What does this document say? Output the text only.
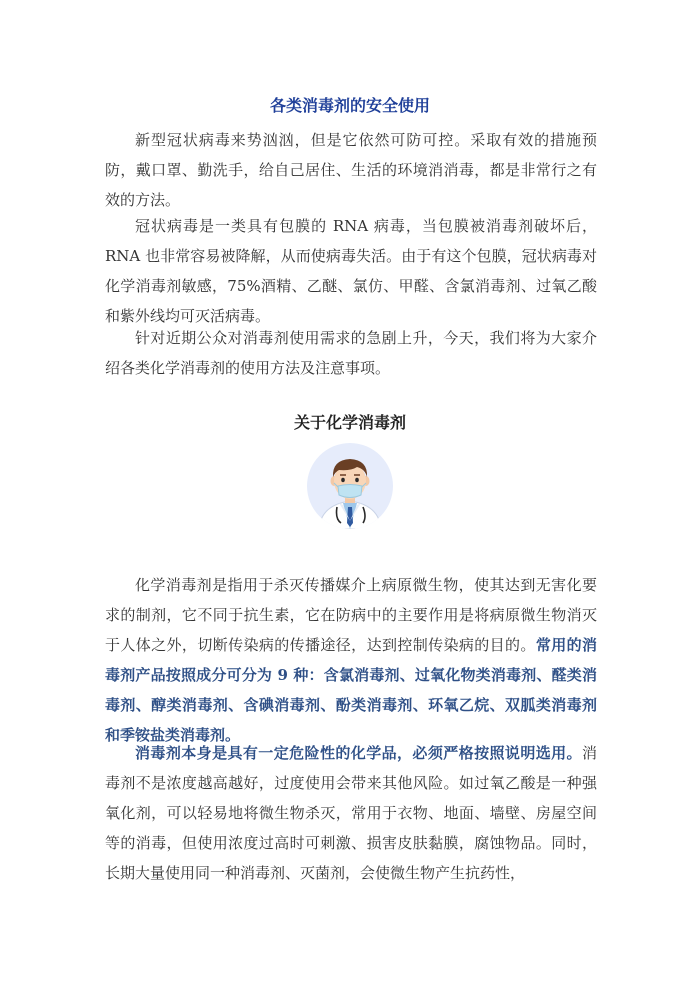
各类消毒剂的安全使用

新型冠状病毒来势汹汹，但是它依然可防可控。采取有效的措施预防，戴口罩、勤洗手，给自己居住、生活的环境消消毒，都是非常行之有效的方法。

冠状病毒是一类具有包膜的 RNA 病毒，当包膜被消毒剂破坏后，RNA 也非常容易被降解，从而使病毒失活。由于有这个包膜，冠状病毒对化学消毒剂敏感，75%酒精、乙醚、氯仿、甲醛、含氯消毒剂、过氧乙酸和紫外线均可灭活病毒。

针对近期公众对消毒剂使用需求的急剧上升，今天，我们将为大家介绍各类化学消毒剂的使用方法及注意事项。

关于化学消毒剂

化学消毒剂是指用于杀灭传播媒介上病原微生物，使其达到无害化要求的制剂，它不同于抗生素，它在防病中的主要作用是将病原微生物消灭于人体之外，切断传染病的传播途径，达到控制传染病的目的。常用的消毒剂产品按照成分可分为 9 种：含氯消毒剂、过氧化物类消毒剂、醛类消毒剂、醇类消毒剂、含碘消毒剂、酚类消毒剂、环氧乙烷、双胍类消毒剂和季铵盐类消毒剂。

消毒剂本身是具有一定危险性的化学品，必须严格按照说明选用。消毒剂不是浓度越高越好，过度使用会带来其他风险。如过氧乙酸是一种强氧化剂，可以轻易地将微生物杀灭，常用于衣物、地面、墙壁、房屋空间等的消毒，但使用浓度过高时可刺激、损害皮肤黏膜，腐蚀物品。同时，长期大量使用同一种消毒剂、灭菌剂，会使微生物产生抗药性，
